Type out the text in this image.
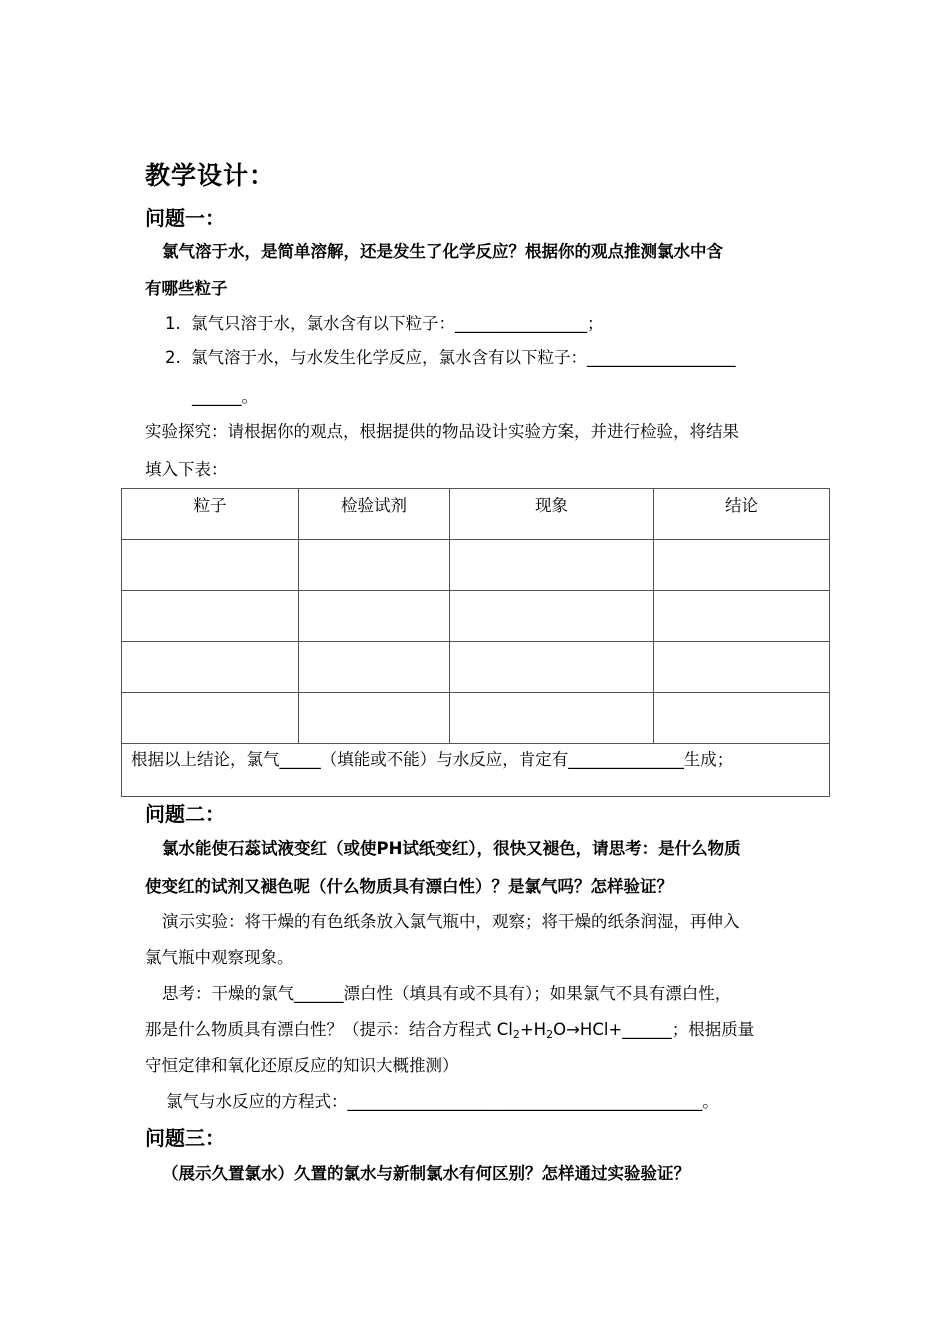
教学设计：
问题一：
氯气溶于水，是简单溶解，还是发生了化学反应？根据你的观点推测氯水中含
有哪些粒子
1. 氯气只溶于水，氯水含有以下粒子：________________；
2. 氯气溶于水，与水发生化学反应，氯水含有以下粒子：__________________
______。
实验探究：请根据你的观点，根据提供的物品设计实验方案，并进行检验，将结果
填入下表：
粒子	检验试剂	现象	结论

根据以上结论，氯气_____（填能或不能）与水反应，肯定有______________生成；			
问题二：
氯水能使石蕊试液变红（或使PH试纸变红），很快又褪色，请思考：是什么物质
使变红的试剂又褪色呢（什么物质具有漂白性）？是氯气吗？怎样验证？
演示实验：将干燥的有色纸条放入氯气瓶中，观察；将干燥的纸条润湿，再伸入
氯气瓶中观察现象。
思考：干燥的氯气______漂白性（填具有或不具有）；如果氯气不具有漂白性，
那是什么物质具有漂白性？（提示：结合方程式 $Cl_2+H_2O\to HCl+\_\_\_\_\_\_$；根据质量
守恒定律和氧化还原反应的知识大概推测）
氯气与水反应的方程式：___________________________________________。
问题三：
（展示久置氯水）久置的氯水与新制氯水有何区别？怎样通过实验验证？
